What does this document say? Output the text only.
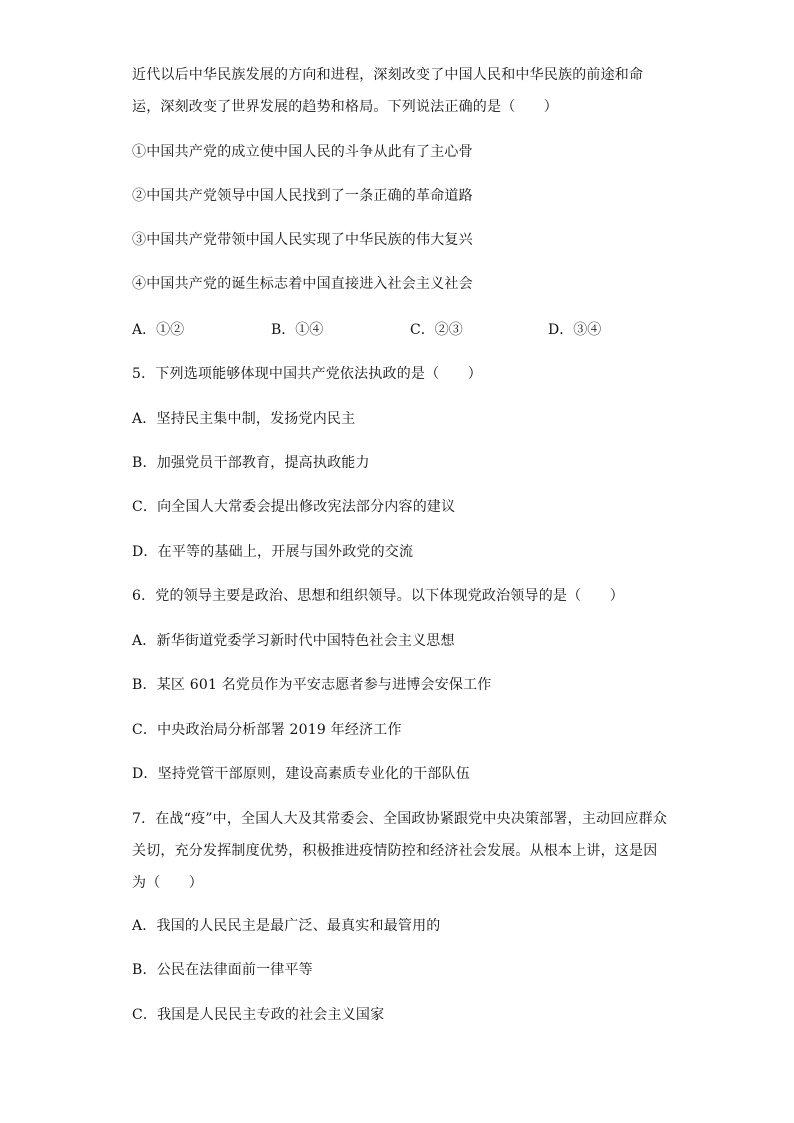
近代以后中华民族发展的方向和进程，深刻改变了中国人民和中华民族的前途和命
运，深刻改变了世界发展的趋势和格局。下列说法正确的是（　　）
①中国共产党的成立使中国人民的斗争从此有了主心骨
②中国共产党领导中国人民找到了一条正确的革命道路
③中国共产党带领中国人民实现了中华民族的伟大复兴
④中国共产党的诞生标志着中国直接进入社会主义社会
A．①②	B．①④	C．②③	D．③④
5．下列选项能够体现中国共产党依法执政的是（　　）
A．坚持民主集中制，发扬党内民主
B．加强党员干部教育，提高执政能力
C．向全国人大常委会提出修改宪法部分内容的建议
D．在平等的基础上，开展与国外政党的交流
6．党的领导主要是政治、思想和组织领导。以下体现党政治领导的是（　　）
A．新华街道党委学习新时代中国特色社会主义思想
B．某区 601 名党员作为平安志愿者参与进博会安保工作
C．中央政治局分析部署 2019 年经济工作
D．坚持党管干部原则，建设高素质专业化的干部队伍
7．在战“疫”中，全国人大及其常委会、全国政协紧跟党中央决策部署，主动回应群众
关切，充分发挥制度优势，积极推进疫情防控和经济社会发展。从根本上讲，这是因
为（　　）
A．我国的人民民主是最广泛、最真实和最管用的
B．公民在法律面前一律平等
C．我国是人民民主专政的社会主义国家
